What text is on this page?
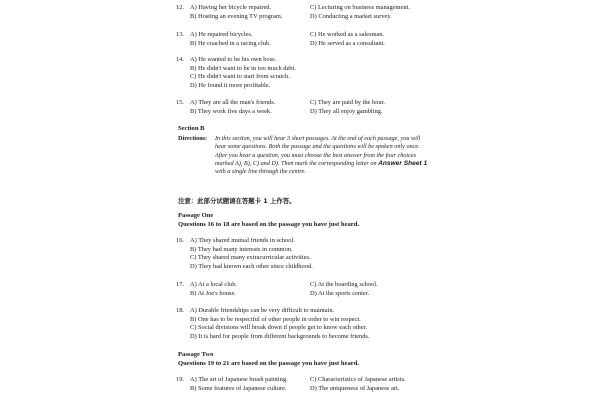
12. A) Having her bicycle repaired.	C) Lecturing on business management.
B) Hosting an evening TV program.	D) Conducting a market survey.
13. A) He repaired bicycles.	C) He worked as a salesman.
B) He coached in a racing club.	D) He served as a consultant.
14. A) He wanted to be his own boss.
B) He didn't want to be in too much debt.
C) He didn't want to start from scratch.
D) He found it more profitable.
15. A) They are all the man's friends.	C) They are paid by the hour.
B) They work five days a week.	D) They all enjoy gambling.
Section B
Directions: In this section, you will hear 3 short passages. At the end of each passage, you will hear some questions. Both the passage and the questions will be spoken only once. After you hear a question, you must choose the best answer from the four choices marked A), B), C) and D). Then mark the corresponding letter on Answer Sheet 1 with a single line through the centre.
注意：此部分试题请在答题卡 1 上作答。
Passage One
Questions 16 to 18 are based on the passage you have just heard.
16. A) They shared mutual friends in school.
B) They had many interests in common.
C) They shared many extracurricular activities.
D) They had known each other since childhood.
17. A) At a local club.	C) At the boarding school.
B) At Joe's house.	D) At the sports center.
18. A) Durable friendships can be very difficult to maintain.
B) One has to be respectful of other people in order to win respect.
C) Social divisions will break down if people get to know each other.
D) It is hard for people from different backgrounds to become friends.
Passage Two
Questions 19 to 21 are based on the passage you have just heard.
19. A) The art of Japanese brush painting.	C) Characteristics of Japanese artists.
B) Some features of Japanese culture.	D) The uniqueness of Japanese art.
